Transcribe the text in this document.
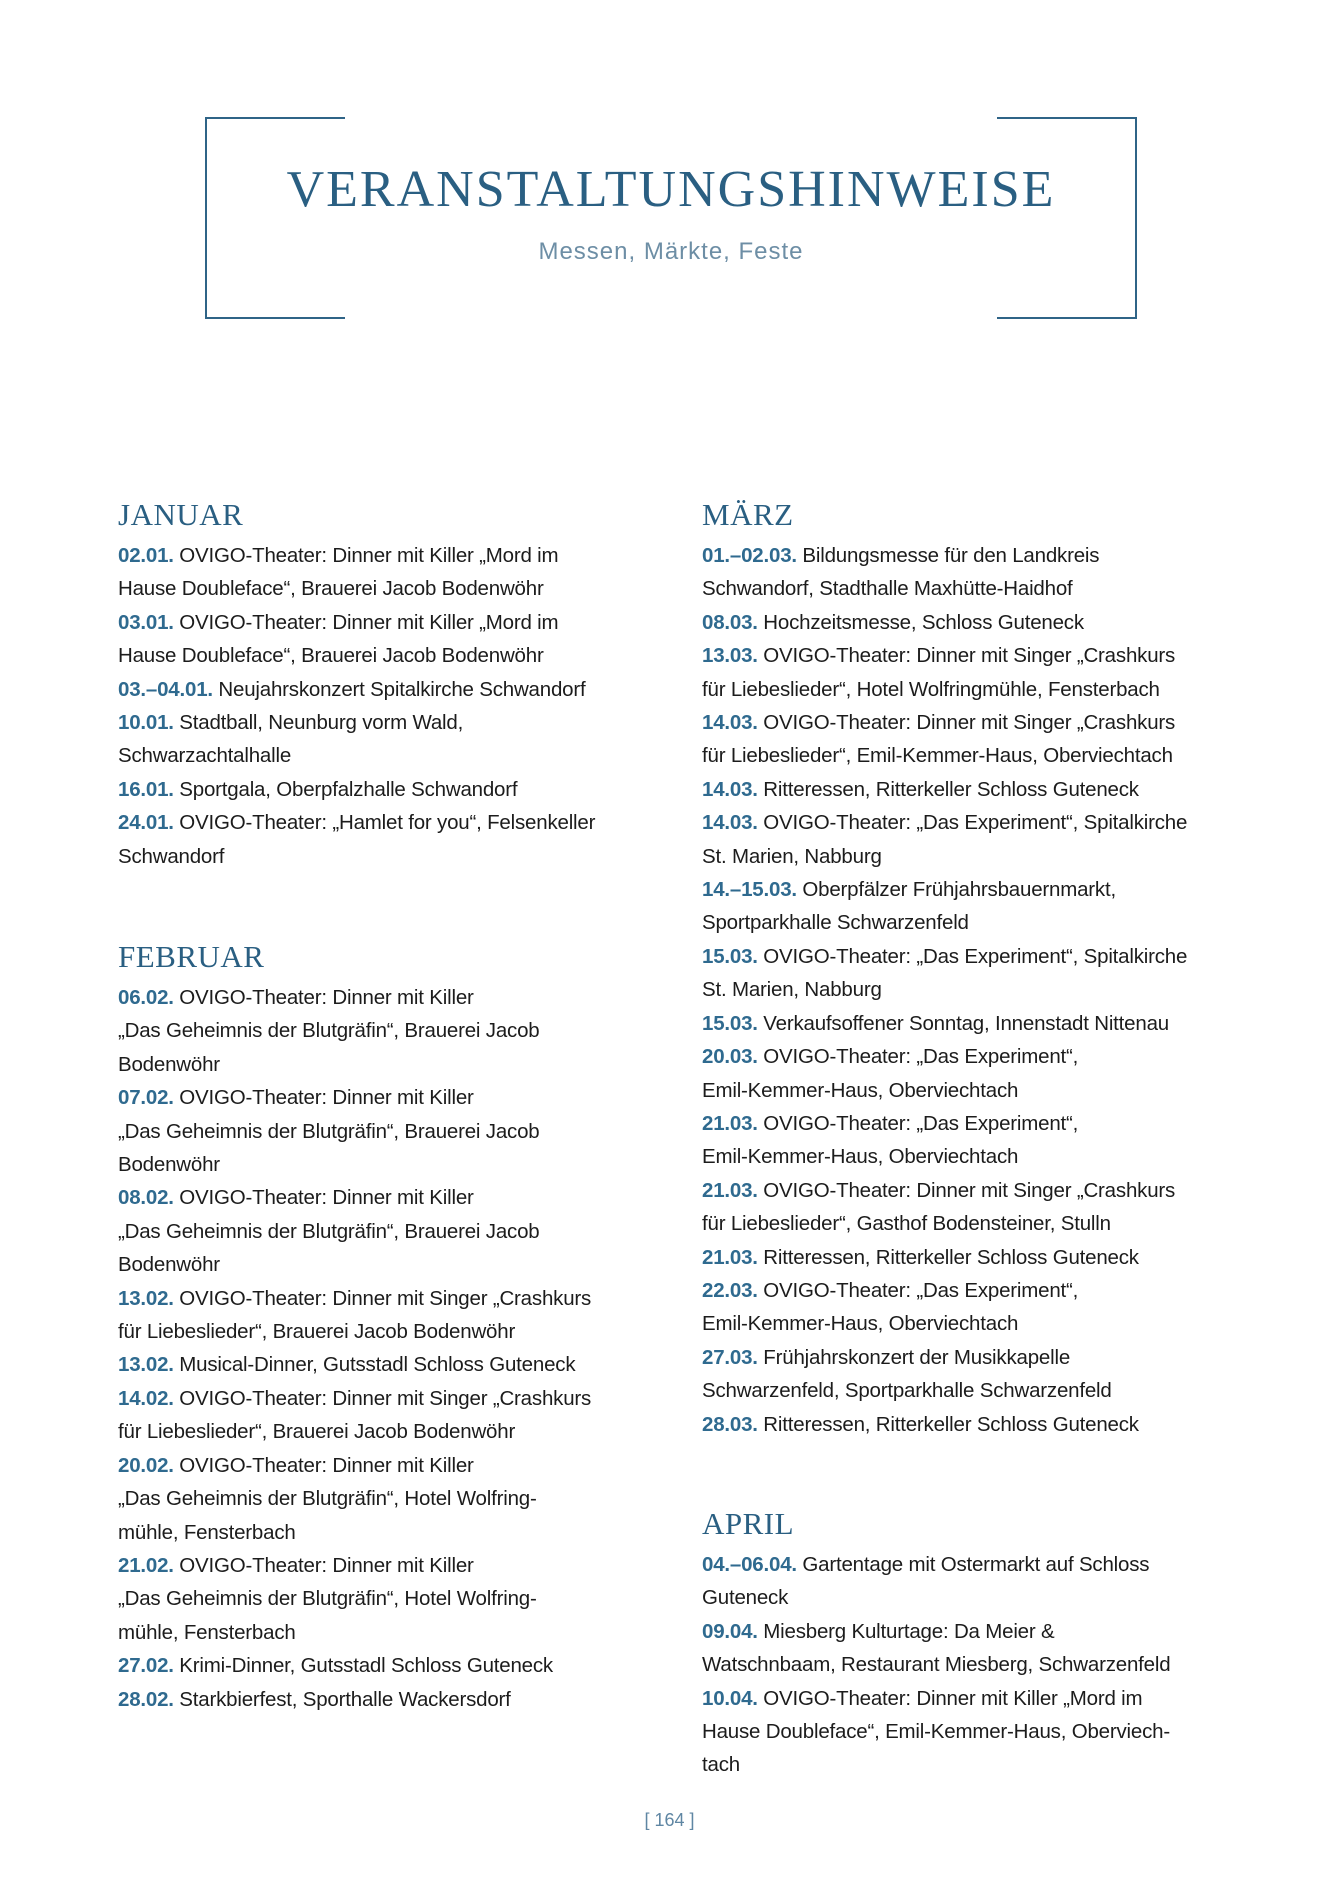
VERANSTALTUNGSHINWEISE
Messen, Märkte, Feste
JANUAR
02.01. OVIGO-Theater: Dinner mit Killer „Mord im
Hause Doubleface“, Brauerei Jacob Bodenwöhr
03.01. OVIGO-Theater: Dinner mit Killer „Mord im
Hause Doubleface“, Brauerei Jacob Bodenwöhr
03.–04.01. Neujahrskonzert Spitalkirche Schwandorf
10.01. Stadtball, Neunburg vorm Wald,
Schwarzachtalhalle
16.01. Sportgala, Oberpfalzhalle Schwandorf
24.01. OVIGO-Theater: „Hamlet for you“, Felsenkeller
Schwandorf
FEBRUAR
06.02. OVIGO-Theater: Dinner mit Killer
„Das Geheimnis der Blutgräfin“, Brauerei Jacob
Bodenwöhr
07.02. OVIGO-Theater: Dinner mit Killer
„Das Geheimnis der Blutgräfin“, Brauerei Jacob
Bodenwöhr
08.02. OVIGO-Theater: Dinner mit Killer
„Das Geheimnis der Blutgräfin“, Brauerei Jacob
Bodenwöhr
13.02. OVIGO-Theater: Dinner mit Singer „Crashkurs
für Liebeslieder“, Brauerei Jacob Bodenwöhr
13.02. Musical-Dinner, Gutsstadl Schloss Guteneck
14.02. OVIGO-Theater: Dinner mit Singer „Crashkurs
für Liebeslieder“, Brauerei Jacob Bodenwöhr
20.02. OVIGO-Theater: Dinner mit Killer
„Das Geheimnis der Blutgräfin“, Hotel Wolfring-
mühle, Fensterbach
21.02. OVIGO-Theater: Dinner mit Killer
„Das Geheimnis der Blutgräfin“, Hotel Wolfring-
mühle, Fensterbach
27.02. Krimi-Dinner, Gutsstadl Schloss Guteneck
28.02. Starkbierfest, Sporthalle Wackersdorf
MÄRZ
01.–02.03. Bildungsmesse für den Landkreis
Schwandorf, Stadthalle Maxhütte-Haidhof
08.03. Hochzeitsmesse, Schloss Guteneck
13.03. OVIGO-Theater: Dinner mit Singer „Crashkurs
für Liebeslieder“, Hotel Wolfringmühle, Fensterbach
14.03. OVIGO-Theater: Dinner mit Singer „Crashkurs
für Liebeslieder“, Emil-Kemmer-Haus, Oberviechtach
14.03. Ritteressen, Ritterkeller Schloss Guteneck
14.03. OVIGO-Theater: „Das Experiment“, Spitalkirche
St. Marien, Nabburg
14.–15.03. Oberpfälzer Frühjahrsbauernmarkt,
Sportparkhalle Schwarzenfeld
15.03. OVIGO-Theater: „Das Experiment“, Spitalkirche
St. Marien, Nabburg
15.03. Verkaufsoffener Sonntag, Innenstadt Nittenau
20.03. OVIGO-Theater: „Das Experiment“,
Emil-Kemmer-Haus, Oberviechtach
21.03. OVIGO-Theater: „Das Experiment“,
Emil-Kemmer-Haus, Oberviechtach
21.03. OVIGO-Theater: Dinner mit Singer „Crashkurs
für Liebeslieder“, Gasthof Bodensteiner, Stulln
21.03. Ritteressen, Ritterkeller Schloss Guteneck
22.03. OVIGO-Theater: „Das Experiment“,
Emil-Kemmer-Haus, Oberviechtach
27.03. Frühjahrskonzert der Musikkapelle
Schwarzenfeld, Sportparkhalle Schwarzenfeld
28.03. Ritteressen, Ritterkeller Schloss Guteneck
APRIL
04.–06.04. Gartentage mit Ostermarkt auf Schloss
Guteneck
09.04. Miesberg Kulturtage: Da Meier &
Watschnbaam, Restaurant Miesberg, Schwarzenfeld
10.04. OVIGO-Theater: Dinner mit Killer „Mord im
Hause Doubleface“, Emil-Kemmer-Haus, Oberviech-
tach
[ 164 ]
